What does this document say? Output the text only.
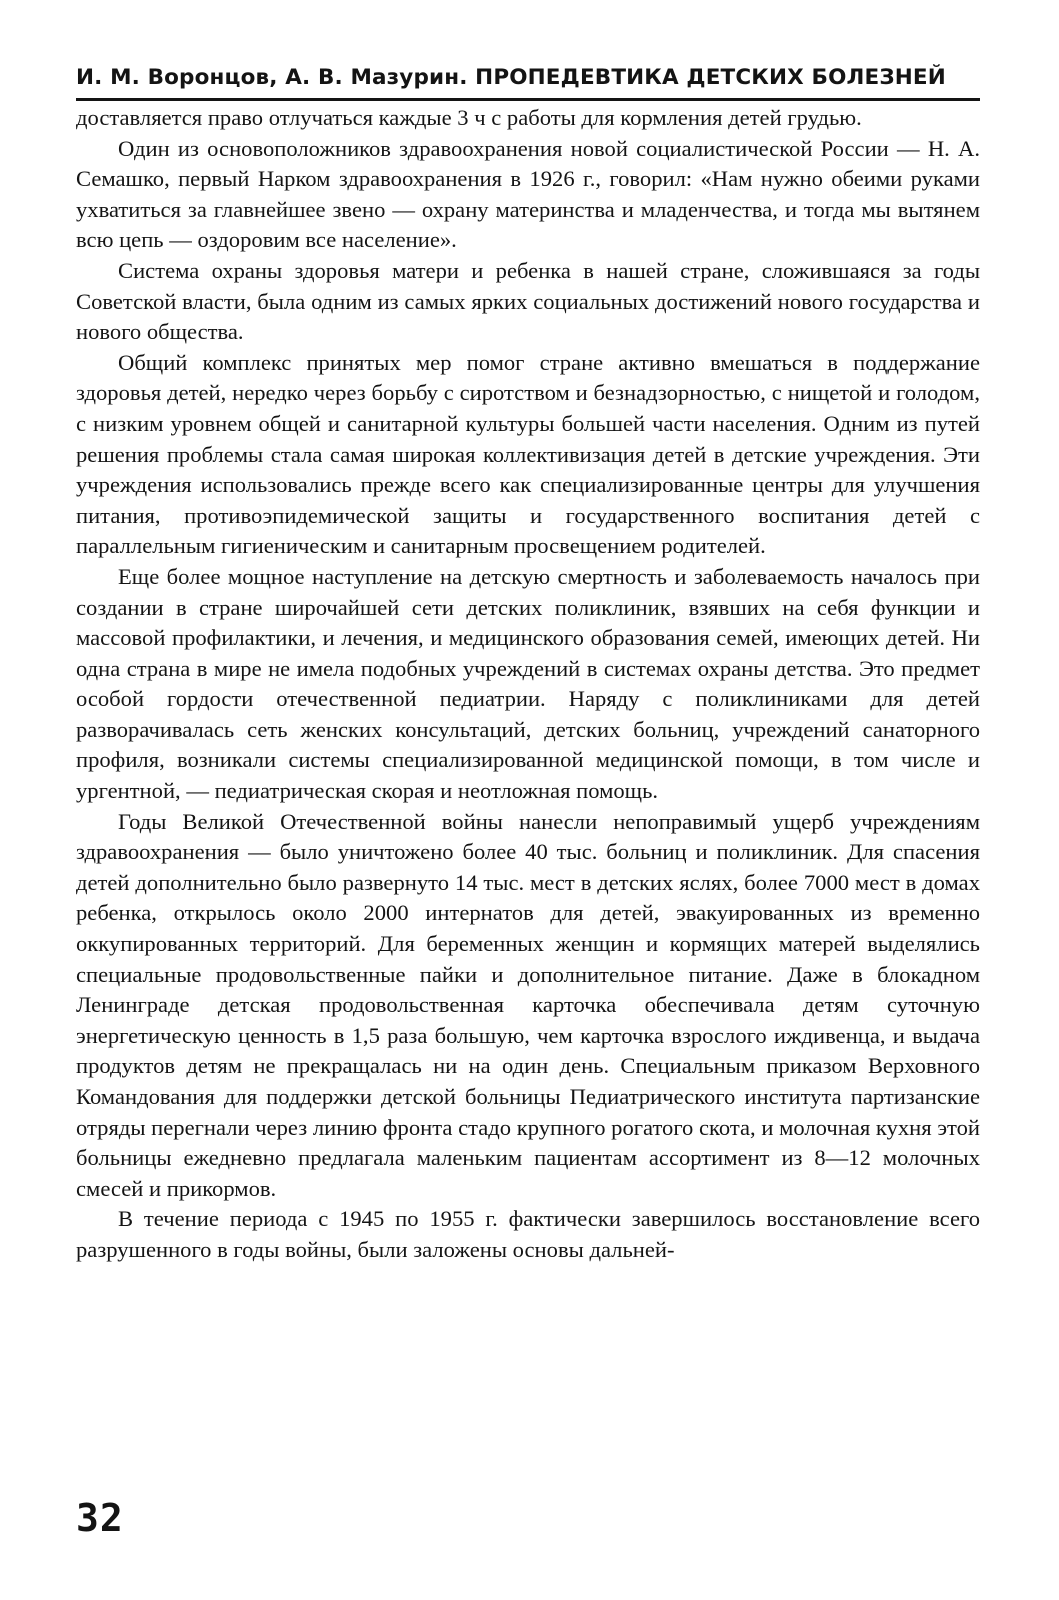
И. М. Воронцов, А. В. Мазурин. ПРОПЕДЕВТИКА ДЕТСКИХ БОЛЕЗНЕЙ

доставляется право отлучаться каждые 3 ч с работы для кормления детей грудью.

Один из основоположников здравоохранения новой социалистической России — Н. А. Семашко, первый Нарком здравоохранения в 1926 г., говорил: «Нам нужно обеими руками ухватиться за главнейшее звено — охрану материнства и младенчества, и тогда мы вытянем всю цепь — оздоровим все население».

Система охраны здоровья матери и ребенка в нашей стране, сложившаяся за годы Советской власти, была одним из самых ярких социальных достижений нового государства и нового общества.

Общий комплекс принятых мер помог стране активно вмешаться в поддержание здоровья детей, нередко через борьбу с сиротством и безнадзорностью, с нищетой и голодом, с низким уровнем общей и санитарной культуры большей части населения. Одним из путей решения проблемы стала самая широкая коллективизация детей в детские учреждения. Эти учреждения использовались прежде всего как специализированные центры для улучшения питания, противоэпидемической защиты и государственного воспитания детей с параллельным гигиеническим и санитарным просвещением родителей.

Еще более мощное наступление на детскую смертность и заболеваемость началось при создании в стране широчайшей сети детских поликлиник, взявших на себя функции и массовой профилактики, и лечения, и медицинского образования семей, имеющих детей. Ни одна страна в мире не имела подобных учреждений в системах охраны детства. Это предмет особой гордости отечественной педиатрии. Наряду с поликлиниками для детей разворачивалась сеть женских консультаций, детских больниц, учреждений санаторного профиля, возникали системы специализированной медицинской помощи, в том числе и ургентной, — педиатрическая скорая и неотложная помощь.

Годы Великой Отечественной войны нанесли непоправимый ущерб учреждениям здравоохранения — было уничтожено более 40 тыс. больниц и поликлиник. Для спасения детей дополнительно было развернуто 14 тыс. мест в детских яслях, более 7000 мест в домах ребенка, открылось около 2000 интернатов для детей, эвакуированных из временно оккупированных территорий. Для беременных женщин и кормящих матерей выделялись специальные продовольственные пайки и дополнительное питание. Даже в блокадном Ленинграде детская продовольственная карточка обеспечивала детям суточную энергетическую ценность в 1,5 раза большую, чем карточка взрослого иждивенца, и выдача продуктов детям не прекращалась ни на один день. Специальным приказом Верховного Командования для поддержки детской больницы Педиатрического института партизанские отряды перегнали через линию фронта стадо крупного рогатого скота, и молочная кухня этой больницы ежедневно предлагала маленьким пациентам ассортимент из 8—12 молочных смесей и прикормов.

В течение периода с 1945 по 1955 г. фактически завершилось восстановление всего разрушенного в годы войны, были заложены основы дальней-

32
